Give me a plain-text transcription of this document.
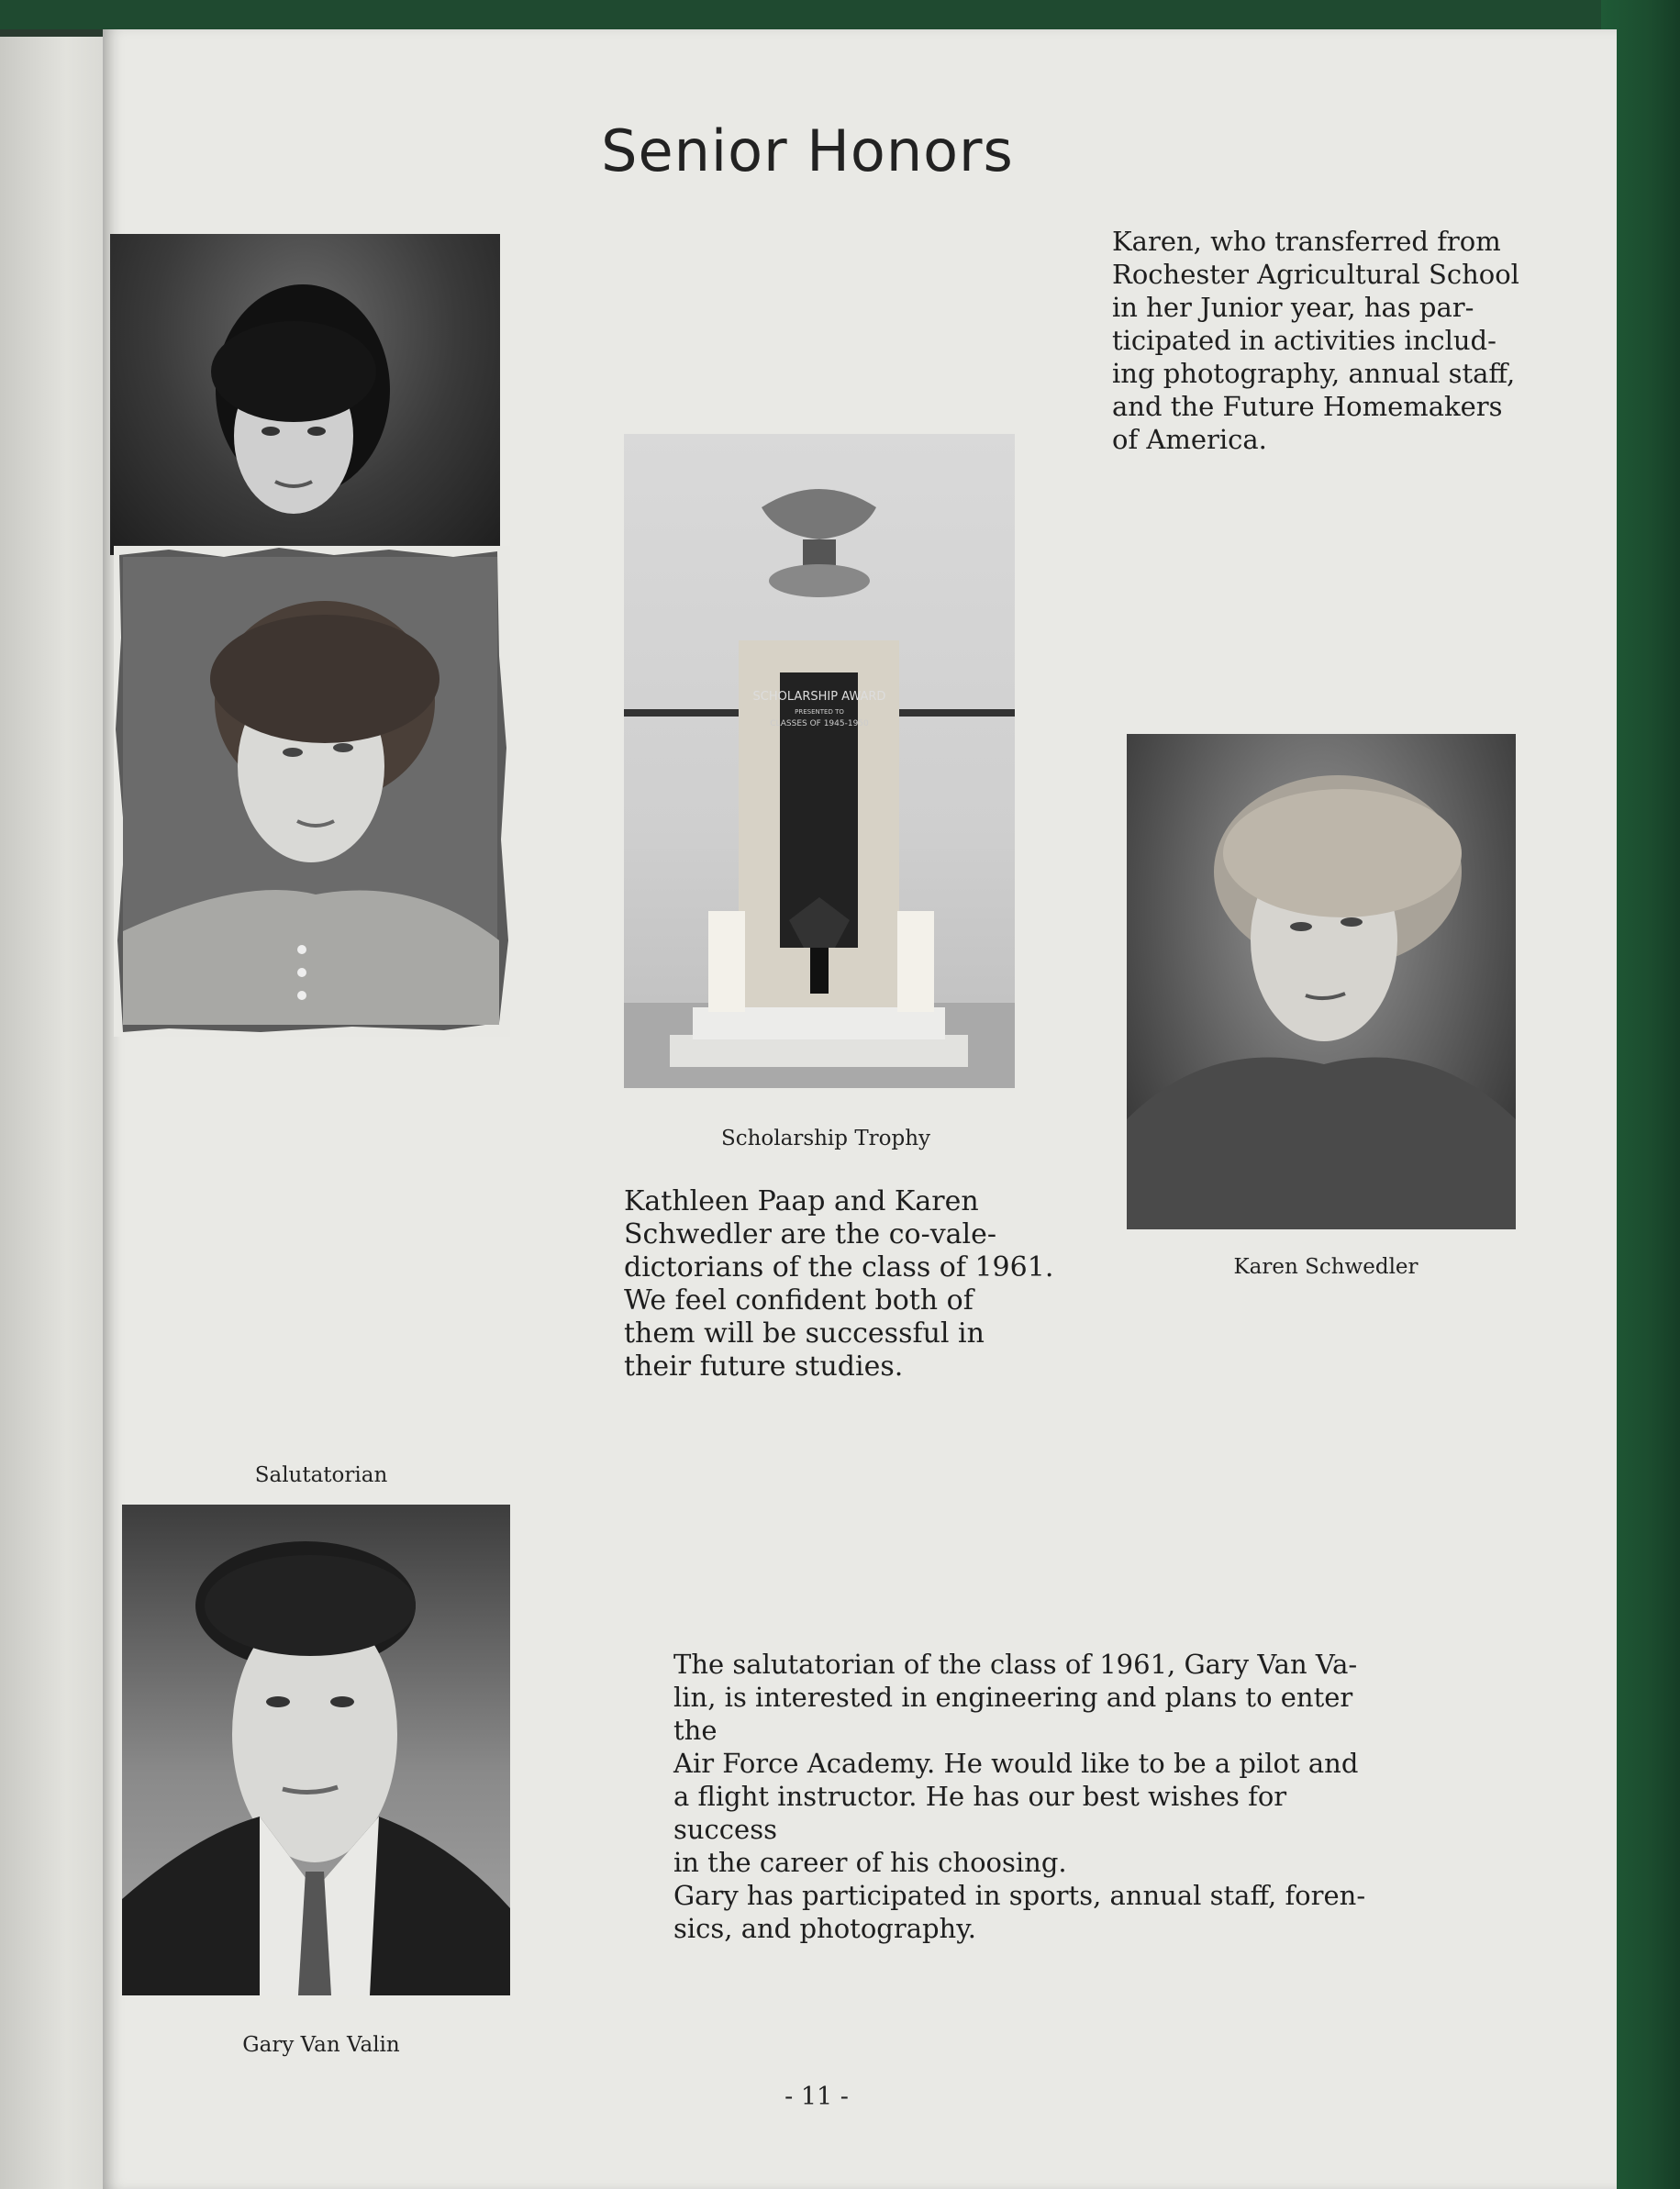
Senior Honors
SCHOLARSHIP AWARD
PRESENTED TO
CLASSES OF 1945-1950
Scholarship Trophy
Karen, who transferred from
Rochester Agricultural School
in her Junior year, has par-
ticipated in activities includ-
ing photography, annual staff,
and the Future Homemakers
of America.
Karen Schwedler
Kathleen Paap and Karen
Schwedler are the co-vale-
dictorians of the class of 1961.
We feel confident both of
them will be successful in
their future studies.
Salutatorian
Gary Van Valin
The salutatorian of the class of 1961, Gary Van Va-
lin, is interested in engineering and plans to enter the
Air Force Academy. He would like to be a pilot and
a flight instructor. He has our best wishes for success
in the career of his choosing.
Gary has participated in sports, annual staff, foren-
sics, and photography.
- 11 -
